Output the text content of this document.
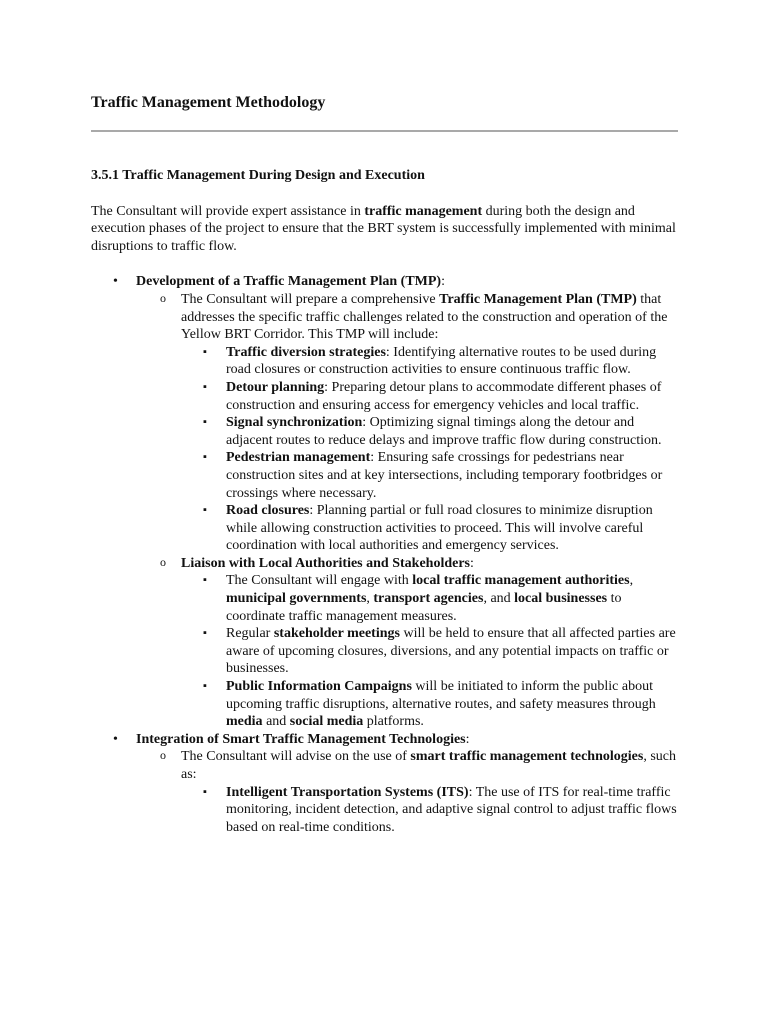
Traffic Management Methodology
3.5.1 Traffic Management During Design and Execution

The Consultant will provide expert assistance in traffic management during both the design and execution phases of the project to ensure that the BRT system is successfully implemented with minimal disruptions to traffic flow.

• Development of a Traffic Management Plan (TMP):
o The Consultant will prepare a comprehensive Traffic Management Plan (TMP) that addresses the specific traffic challenges related to the construction and operation of the Yellow BRT Corridor. This TMP will include:
▪ Traffic diversion strategies: Identifying alternative routes to be used during road closures or construction activities to ensure continuous traffic flow.
▪ Detour planning: Preparing detour plans to accommodate different phases of construction and ensuring access for emergency vehicles and local traffic.
▪ Signal synchronization: Optimizing signal timings along the detour and adjacent routes to reduce delays and improve traffic flow during construction.
▪ Pedestrian management: Ensuring safe crossings for pedestrians near construction sites and at key intersections, including temporary footbridges or crossings where necessary.
▪ Road closures: Planning partial or full road closures to minimize disruption while allowing construction activities to proceed. This will involve careful coordination with local authorities and emergency services.
o Liaison with Local Authorities and Stakeholders:
▪ The Consultant will engage with local traffic management authorities, municipal governments, transport agencies, and local businesses to coordinate traffic management measures.
▪ Regular stakeholder meetings will be held to ensure that all affected parties are aware of upcoming closures, diversions, and any potential impacts on traffic or businesses.
▪ Public Information Campaigns will be initiated to inform the public about upcoming traffic disruptions, alternative routes, and safety measures through media and social media platforms.
• Integration of Smart Traffic Management Technologies:
o The Consultant will advise on the use of smart traffic management technologies, such as:
▪ Intelligent Transportation Systems (ITS): The use of ITS for real-time traffic monitoring, incident detection, and adaptive signal control to adjust traffic flows based on real-time conditions.
